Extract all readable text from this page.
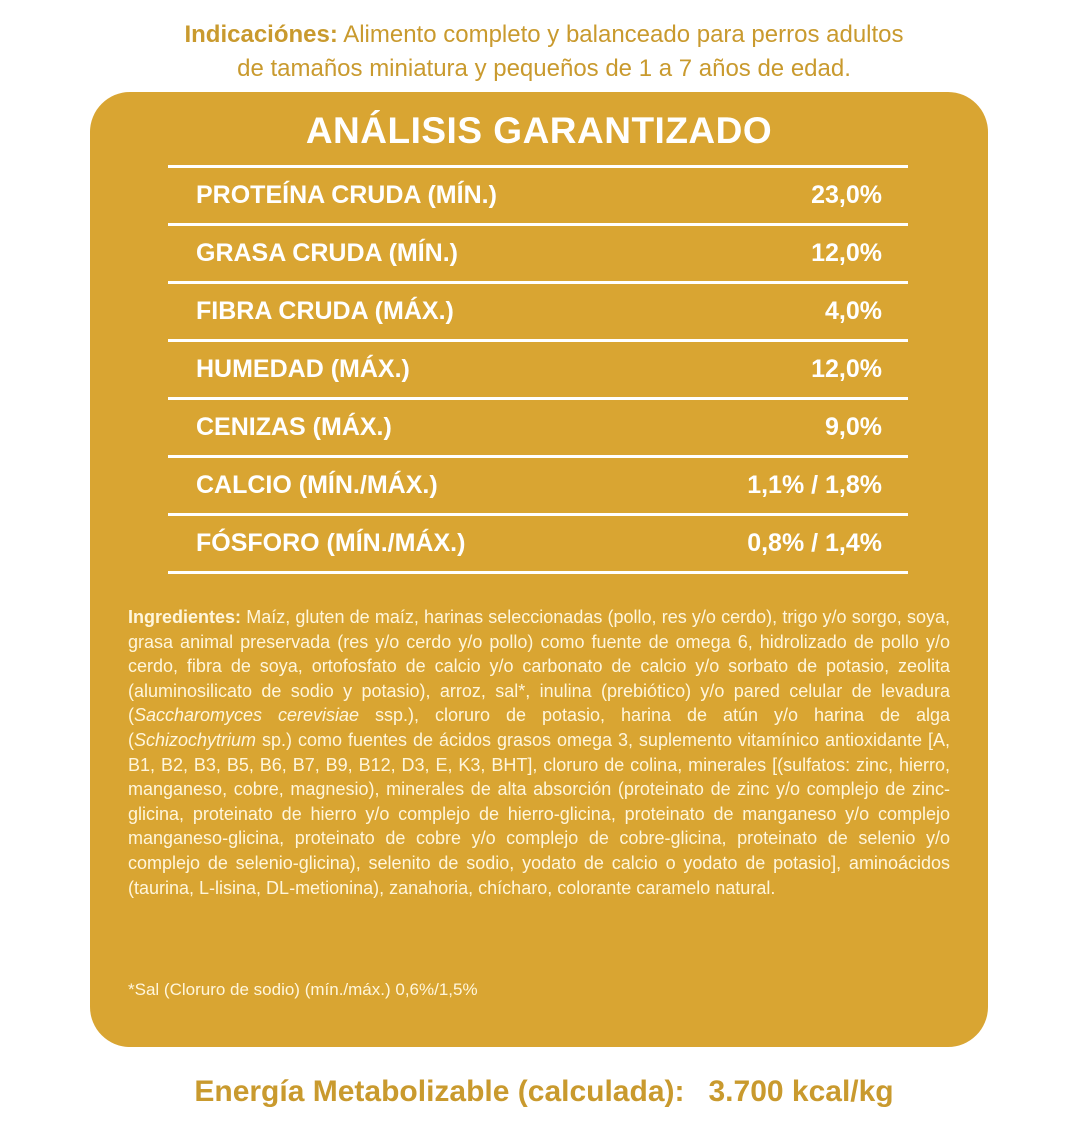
Indicaciónes: Alimento completo y balanceado para perros adultos
de tamaños miniatura y pequeños de 1 a 7 años de edad.
ANÁLISIS GARANTIZADO
PROTEÍNA CRUDA (MÍN.)	23,0%
GRASA CRUDA (MÍN.)	12,0%
FIBRA CRUDA (MÁX.)	4,0%
HUMEDAD (MÁX.)	12,0%
CENIZAS (MÁX.)	9,0%
CALCIO (MÍN./MÁX.)	1,1% / 1,8%
FÓSFORO (MÍN./MÁX.)	0,8% / 1,4%
Ingredientes: Maíz, gluten de maíz, harinas seleccionadas (pollo, res y/o cerdo), trigo y/o sorgo, soya, grasa animal preservada (res y/o cerdo y/o pollo) como fuente de omega 6, hidrolizado de pollo y/o cerdo, fibra de soya, ortofosfato de calcio y/o carbonato de calcio y/o sorbato de potasio, zeolita (aluminosilicato de sodio y potasio), arroz, sal*, inulina (prebiótico) y/o pared celular de levadura (Saccharomyces cerevisiae ssp.), cloruro de potasio, harina de atún y/o harina de alga (Schizochytrium sp.) como fuentes de ácidos grasos omega 3, suplemento vitamínico antioxidante [A, B1, B2, B3, B5, B6, B7, B9, B12, D3, E, K3, BHT], cloruro de colina, minerales [(sulfatos: zinc, hierro, manganeso, cobre, magnesio), minerales de alta absorción (proteinato de zinc y/o complejo de zinc-glicina, proteinato de hierro y/o complejo de hierro-glicina, proteinato de manganeso y/o complejo manganeso-glicina, proteinato de cobre y/o complejo de cobre-glicina, proteinato de selenio y/o complejo de selenio-glicina), selenito de sodio, yodato de calcio o yodato de potasio], aminoácidos (taurina, L-lisina, DL-metionina), zanahoria, chícharo, colorante caramelo natural.
*Sal (Cloruro de sodio) (mín./máx.) 0,6%/1,5%
Energía Metabolizable (calculada): 3.700 kcal/kg
